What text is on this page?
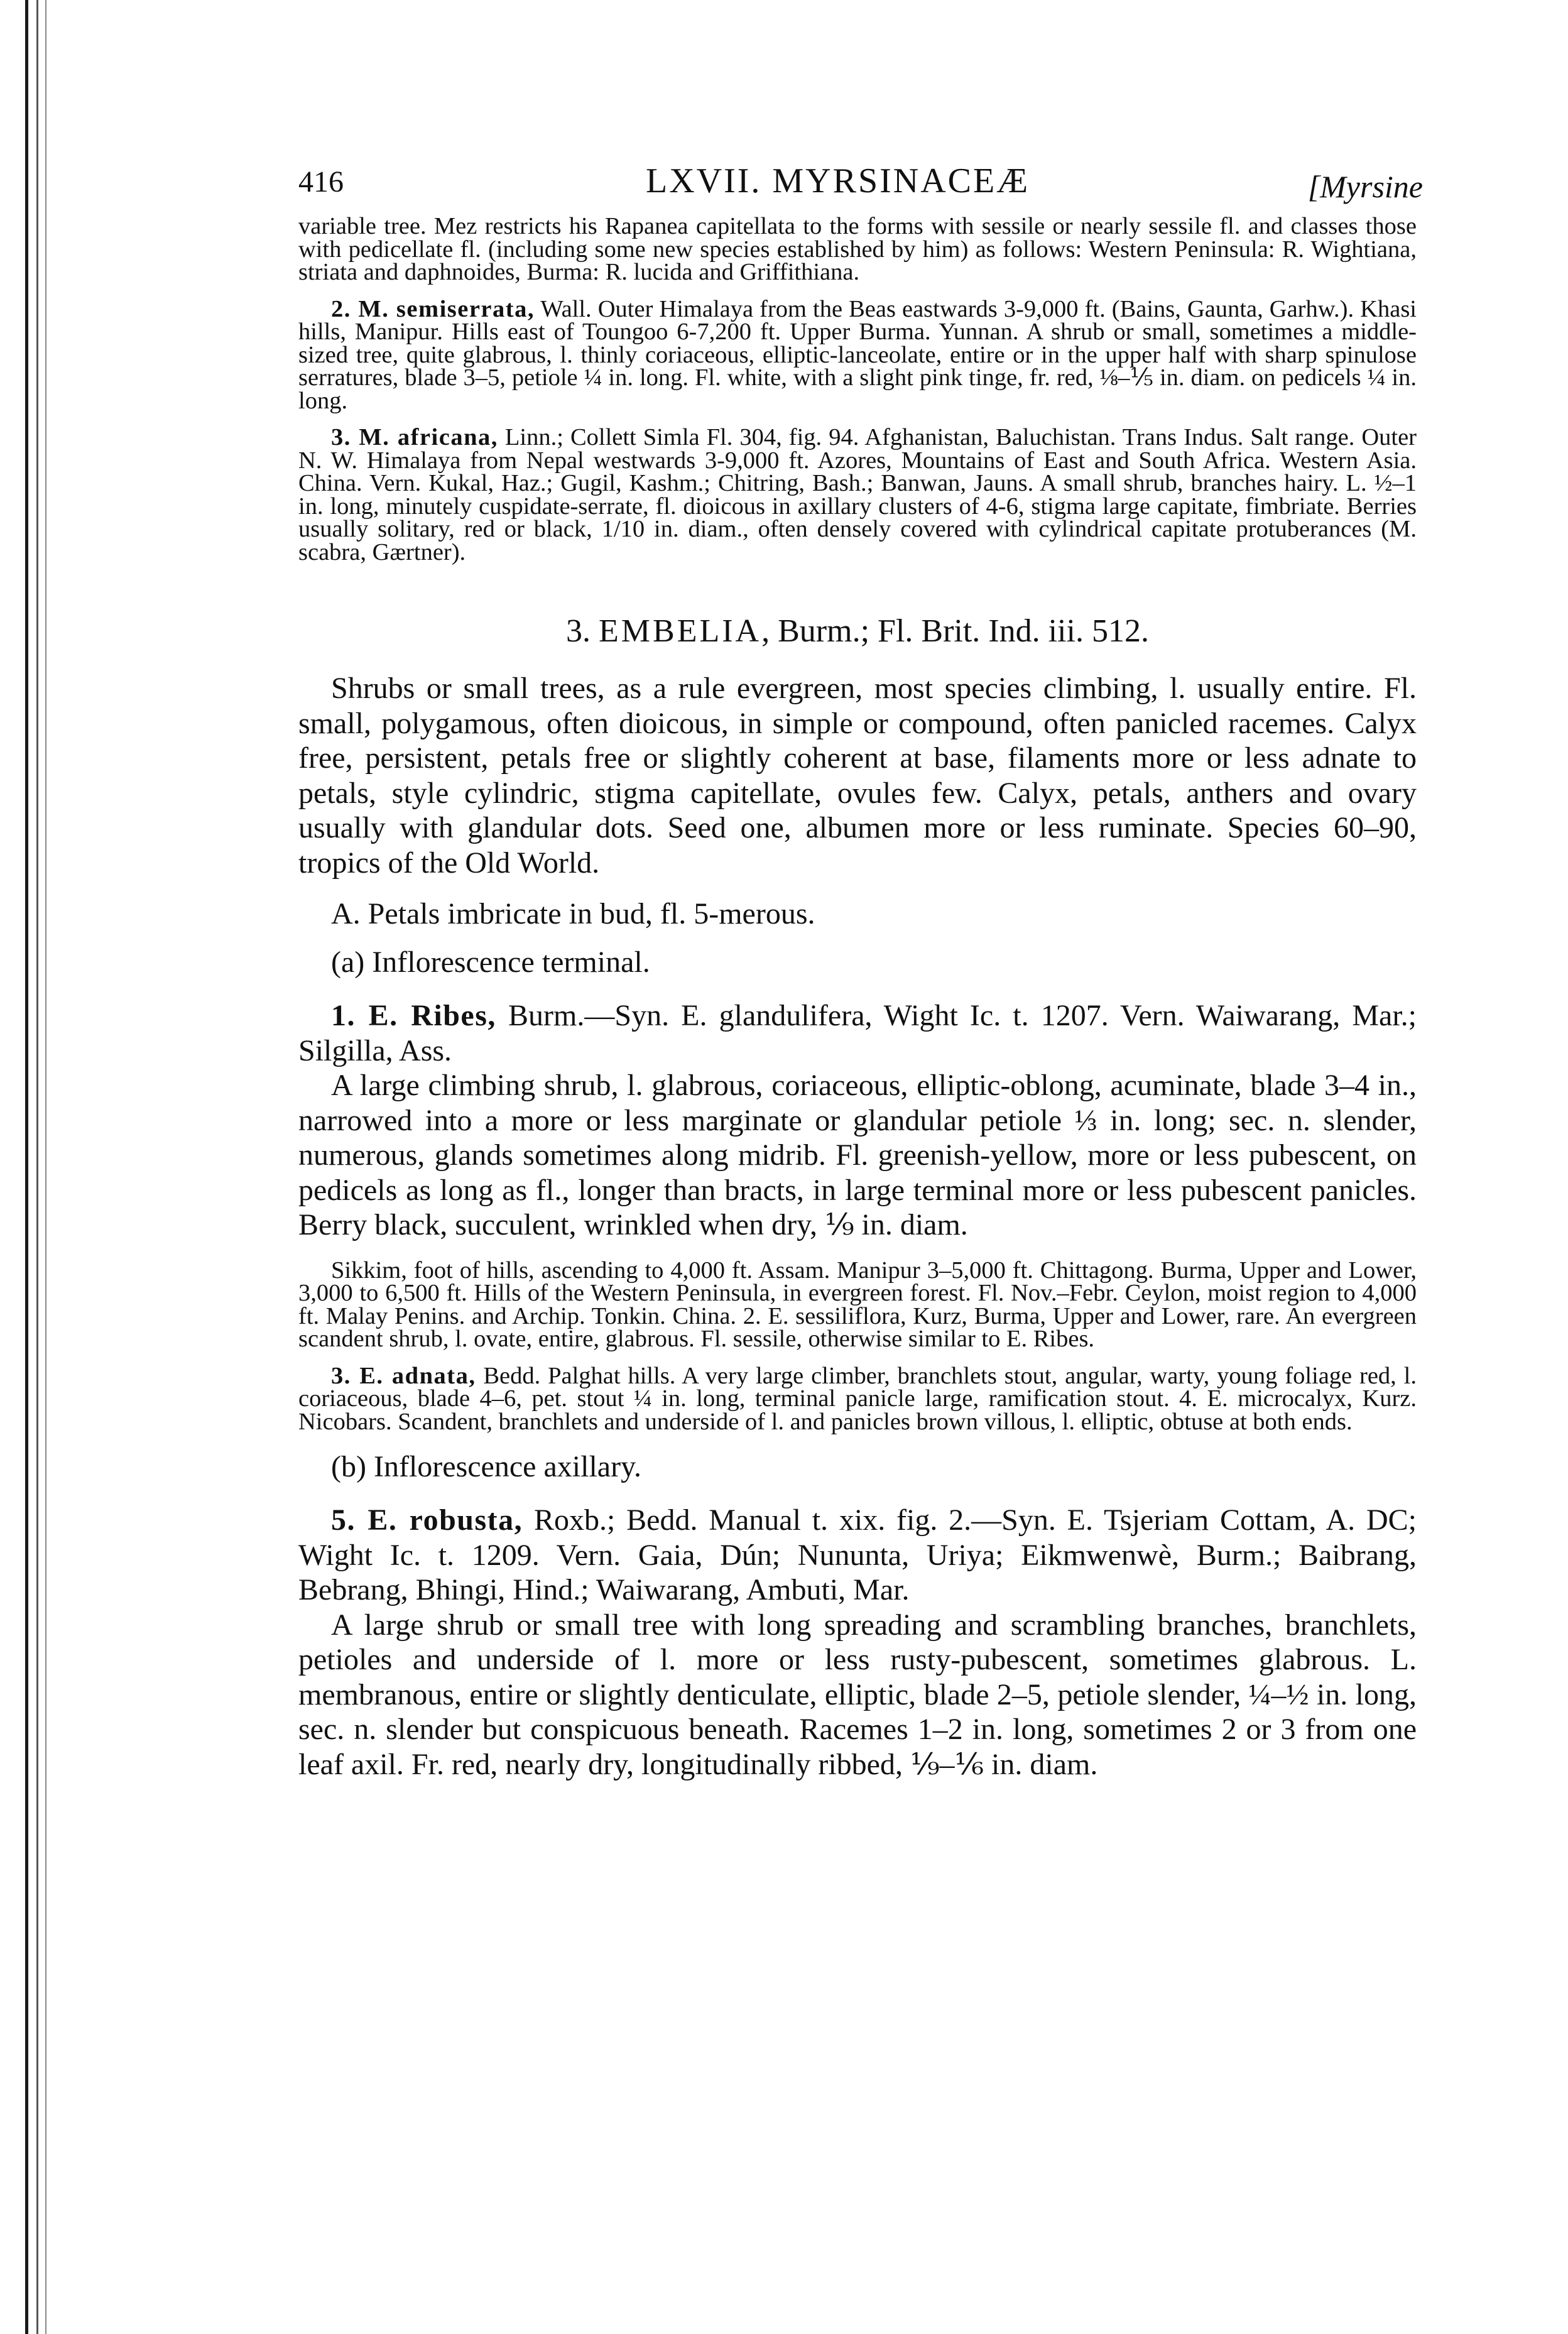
416	LXVII. MYRSINACEÆ	[Myrsine

variable tree. Mez restricts his Rapanea capitellata to the forms with sessile or nearly sessile fl. and classes those with pedicellate fl. (including some new species established by him) as follows: Western Peninsula: R. Wightiana, striata and daphnoides, Burma: R. lucida and Griffithiana.

2. M. semiserrata, Wall. Outer Himalaya from the Beas eastwards 3-9,000 ft. (Bains, Gaunta, Garhw.). Khasi hills, Manipur. Hills east of Toungoo 6-7,200 ft. Upper Burma. Yunnan. A shrub or small, sometimes a middle-sized tree, quite glabrous, l. thinly coriaceous, elliptic-lanceolate, entire or in the upper half with sharp spinulose serratures, blade 3–5, petiole ¼ in. long. Fl. white, with a slight pink tinge, fr. red, ⅛–⅕ in. diam. on pedicels ¼ in. long.

3. M. africana, Linn.; Collett Simla Fl. 304, fig. 94. Afghanistan, Baluchistan. Trans Indus. Salt range. Outer N. W. Himalaya from Nepal westwards 3-9,000 ft. Azores, Mountains of East and South Africa. Western Asia. China. Vern. Kukal, Haz.; Gugil, Kashm.; Chitring, Bash.; Banwan, Jauns. A small shrub, branches hairy. L. ½–1 in. long, minutely cuspidate-serrate, fl. dioicous in axillary clusters of 4-6, stigma large capitate, fimbriate. Berries usually solitary, red or black, 1/10 in. diam., often densely covered with cylindrical capitate protuberances (M. scabra, Gærtner).

3. EMBELIA, Burm.; Fl. Brit. Ind. iii. 512.

Shrubs or small trees, as a rule evergreen, most species climbing, l. usually entire. Fl. small, polygamous, often dioicous, in simple or compound, often panicled racemes. Calyx free, persistent, petals free or slightly coherent at base, filaments more or less adnate to petals, style cylindric, stigma capitellate, ovules few. Calyx, petals, anthers and ovary usually with glandular dots. Seed one, albumen more or less ruminate. Species 60–90, tropics of the Old World.

A. Petals imbricate in bud, fl. 5-merous.

(a) Inflorescence terminal.

1. E. Ribes, Burm.—Syn. E. glandulifera, Wight Ic. t. 1207. Vern. Waiwarang, Mar.; Silgilla, Ass.

A large climbing shrub, l. glabrous, coriaceous, elliptic-oblong, acuminate, blade 3–4 in., narrowed into a more or less marginate or glandular petiole ⅓ in. long; sec. n. slender, numerous, glands sometimes along midrib. Fl. greenish-yellow, more or less pubescent, on pedicels as long as fl., longer than bracts, in large terminal more or less pubescent panicles. Berry black, succulent, wrinkled when dry, ⅑ in. diam.

Sikkim, foot of hills, ascending to 4,000 ft. Assam. Manipur 3–5,000 ft. Chittagong. Burma, Upper and Lower, 3,000 to 6,500 ft. Hills of the Western Peninsula, in evergreen forest. Fl. Nov.–Febr. Ceylon, moist region to 4,000 ft. Malay Penins. and Archip. Tonkin. China. 2. E. sessiliflora, Kurz, Burma, Upper and Lower, rare. An evergreen scandent shrub, l. ovate, entire, glabrous. Fl. sessile, otherwise similar to E. Ribes.

3. E. adnata, Bedd. Palghat hills. A very large climber, branchlets stout, angular, warty, young foliage red, l. coriaceous, blade 4–6, pet. stout ¼ in. long, terminal panicle large, ramification stout. 4. E. microcalyx, Kurz. Nicobars. Scandent, branchlets and underside of l. and panicles brown villous, l. elliptic, obtuse at both ends.

(b) Inflorescence axillary.

5. E. robusta, Roxb.; Bedd. Manual t. xix. fig. 2.—Syn. E. Tsjeriam Cottam, A. DC; Wight Ic. t. 1209. Vern. Gaia, Dún; Nununta, Uriya; Eikmwenwè, Burm.; Baibrang, Bebrang, Bhingi, Hind.; Waiwarang, Ambuti, Mar.

A large shrub or small tree with long spreading and scrambling branches, branchlets, petioles and underside of l. more or less rusty-pubescent, sometimes glabrous. L. membranous, entire or slightly denticulate, elliptic, blade 2–5, petiole slender, ¼–½ in. long, sec. n. slender but conspicuous beneath. Racemes 1–2 in. long, sometimes 2 or 3 from one leaf axil. Fr. red, nearly dry, longitudinally ribbed, ⅑–⅙ in. diam.
